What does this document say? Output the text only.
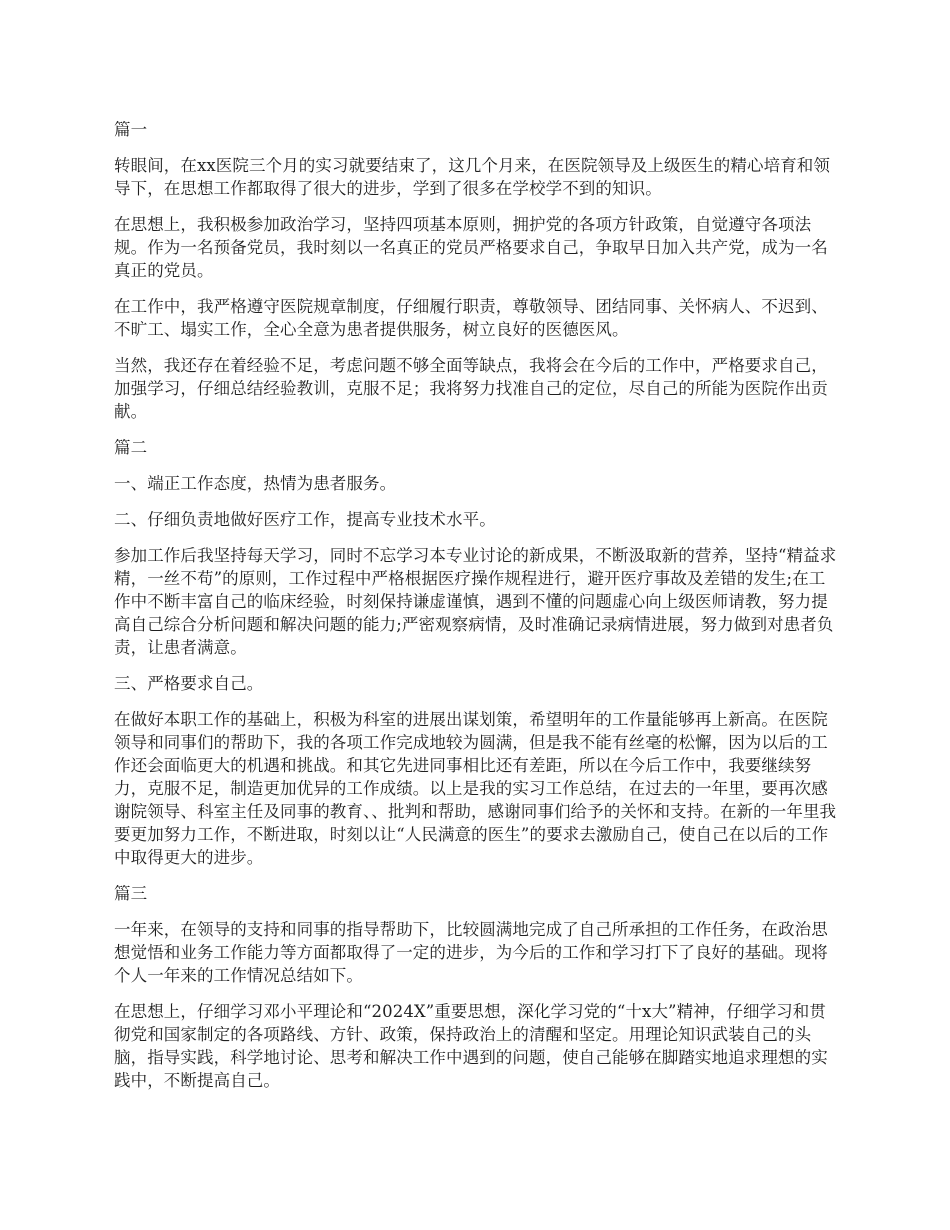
篇一

转眼间，在xx医院三个月的实习就要结束了，这几个月来，在医院领导及上级医生的精心培育和领导下，在思想工作都取得了很大的进步，学到了很多在学校学不到的知识。

在思想上，我积极参加政治学习，坚持四项基本原则，拥护党的各项方针政策，自觉遵守各项法规。作为一名预备党员，我时刻以一名真正的党员严格要求自己，争取早日加入共产党，成为一名真正的党员。

在工作中，我严格遵守医院规章制度，仔细履行职责，尊敬领导、团结同事、关怀病人、不迟到、不旷工、塌实工作，全心全意为患者提供服务，树立良好的医德医风。

当然，我还存在着经验不足，考虑问题不够全面等缺点，我将会在今后的工作中，严格要求自己，加强学习，仔细总结经验教训，克服不足；我将努力找准自己的定位，尽自己的所能为医院作出贡献。

篇二

一、端正工作态度，热情为患者服务。

二、仔细负责地做好医疗工作，提高专业技术水平。

参加工作后我坚持每天学习，同时不忘学习本专业讨论的新成果，不断汲取新的营养，坚持“精益求精，一丝不苟”的原则，工作过程中严格根据医疗操作规程进行，避开医疗事故及差错的发生;在工作中不断丰富自己的临床经验，时刻保持谦虚谨慎，遇到不懂的问题虚心向上级医师请教，努力提高自己综合分析问题和解决问题的能力;严密观察病情，及时准确记录病情进展，努力做到对患者负责，让患者满意。

三、严格要求自己。

在做好本职工作的基础上，积极为科室的进展出谋划策，希望明年的工作量能够再上新高。在医院领导和同事们的帮助下，我的各项工作完成地较为圆满，但是我不能有丝毫的松懈，因为以后的工作还会面临更大的机遇和挑战。和其它先进同事相比还有差距，所以在今后工作中，我要继续努力，克服不足，制造更加优异的工作成绩。以上是我的实习工作总结，在过去的一年里，要再次感谢院领导、科室主任及同事的教育、、批判和帮助，感谢同事们给予的关怀和支持。在新的一年里我要更加努力工作，不断进取，时刻以让“人民满意的医生”的要求去激励自己，使自己在以后的工作中取得更大的进步。

篇三

一年来，在领导的支持和同事的指导帮助下，比较圆满地完成了自己所承担的工作任务，在政治思想觉悟和业务工作能力等方面都取得了一定的进步，为今后的工作和学习打下了良好的基础。现将个人一年来的工作情况总结如下。

在思想上，仔细学习邓小平理论和“2024X”重要思想，深化学习党的“十x大”精神，仔细学习和贯彻党和国家制定的各项路线、方针、政策，保持政治上的清醒和坚定。用理论知识武装自己的头脑，指导实践，科学地讨论、思考和解决工作中遇到的问题，使自己能够在脚踏实地追求理想的实践中，不断提高自己。
